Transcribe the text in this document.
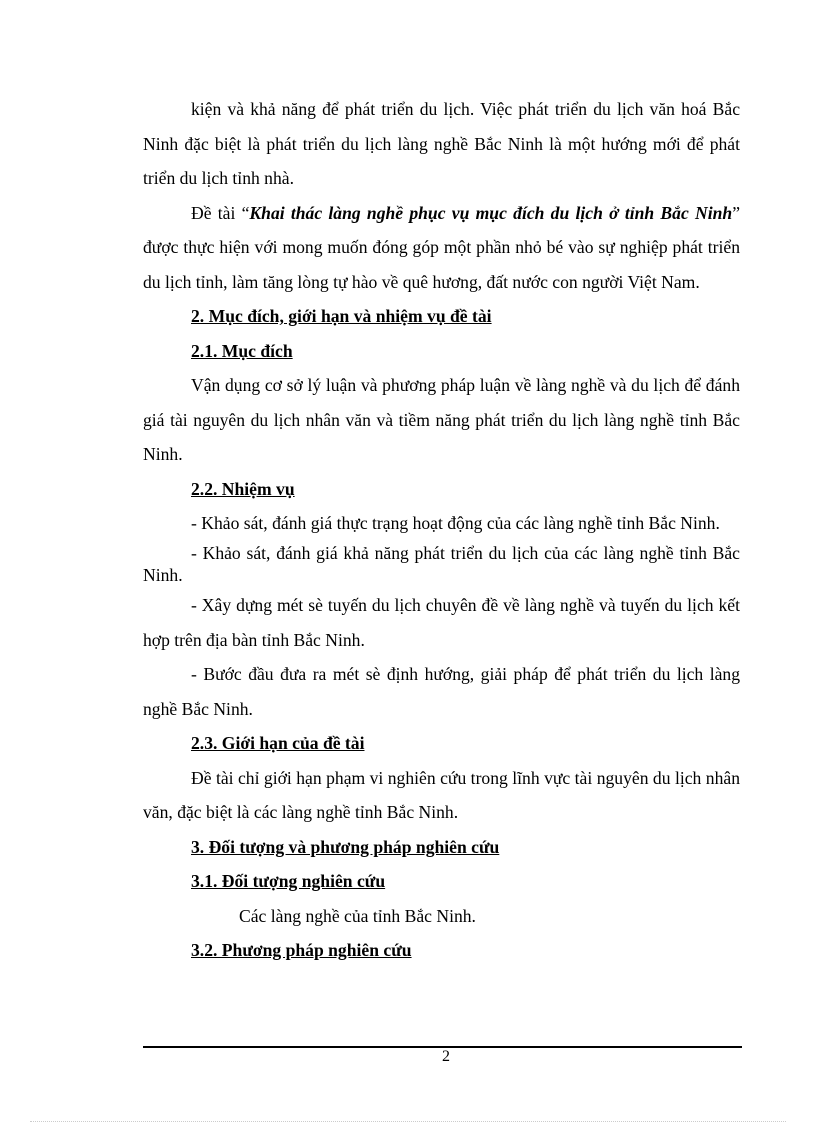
kiện và khả năng để phát triển du lịch. Việc phát triển du lịch văn hoá Bắc Ninh đặc biệt là phát triển du lịch làng nghề Bắc Ninh là một hướng mới để phát triển du lịch tỉnh nhà.

Đề tài “Khai thác làng nghề phục vụ mục đích du lịch ở tỉnh Bắc Ninh” được thực hiện với mong muốn đóng góp một phần nhỏ bé vào sự nghiệp phát triển du lịch tỉnh, làm tăng lòng tự hào về quê hương, đất nước con người Việt Nam.

2. Mục đích, giới hạn và nhiệm vụ đề tài

2.1. Mục đích

Vận dụng cơ sở lý luận và phương pháp luận về làng nghề và du lịch để đánh giá tài nguyên du lịch nhân văn và tiềm năng phát triển du lịch làng nghề tỉnh Bắc Ninh.

2.2. Nhiệm vụ

- Khảo sát, đánh giá thực trạng hoạt động của các làng nghề tỉnh Bắc Ninh.

- Khảo sát, đánh giá khả năng phát triển du lịch của các làng nghề tỉnh Bắc Ninh.

- Xây dựng mét sè tuyến du lịch chuyên đề về làng nghề và tuyến du lịch kết hợp trên địa bàn tỉnh Bắc Ninh.

- Bước đầu đưa ra mét sè định hướng, giải pháp để phát triển du lịch làng nghề Bắc Ninh.

2.3. Giới hạn của đề tài

Đề tài chỉ giới hạn phạm vi nghiên cứu trong lĩnh vực tài nguyên du lịch nhân văn, đặc biệt là các làng nghề tỉnh Bắc Ninh.

3. Đối tượng và phương pháp nghiên cứu

3.1. Đối tượng nghiên cứu

Các làng nghề của tỉnh Bắc Ninh.

3.2. Phương pháp nghiên cứu

2
